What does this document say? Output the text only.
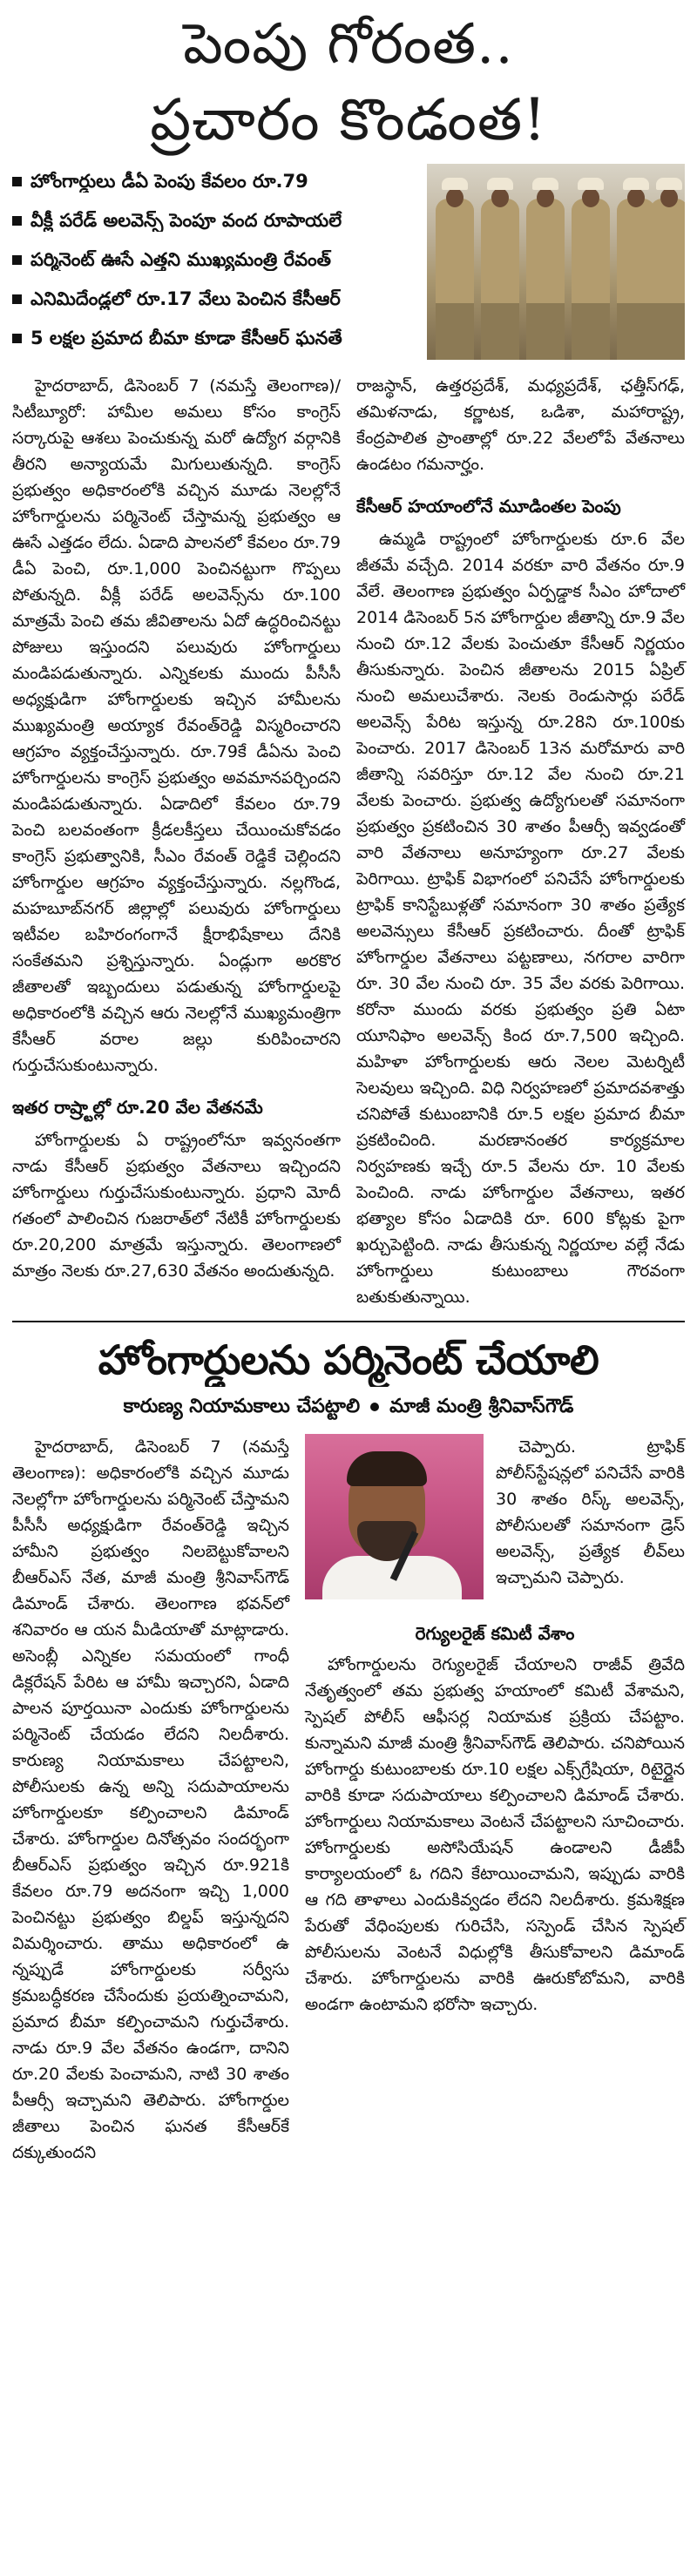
పెంపు గోరంత..
ప్రచారం కొండంత!
హోంగార్డులు డీఏ పెంపు కేవలం రూ.79
వీక్లీ పరేడ్ అలవెన్స్ పెంపూ వంద రూపాయలే
పర్మినెంట్ ఊసే ఎత్తని ముఖ్యమంత్రి రేవంత్
ఎనిమిదేండ్లలో రూ.17 వేలు పెంచిన కేసీఆర్
5 లక్షల ప్రమాద బీమా కూడా కేసీఆర్ ఘనతే

హైదరాబాద్, డిసెంబర్ 7 (నమస్తే తెలంగాణ)/సిటీబ్యూరో: హామీల అమలు కోసం కాంగ్రెస్ సర్కారుపై ఆశలు పెంచుకున్న మరో ఉద్యోగ వర్గానికి తీరని అన్యాయమే మిగులుతున్నది. కాంగ్రెస్ ప్రభుత్వం అధికారంలోకి వచ్చిన మూడు నెలల్లోనే హోంగార్డులను పర్మినెంట్ చేస్తామన్న ప్రభుత్వం ఆ ఊసే ఎత్తడం లేదు. ఏడాది పాలనలో కేవలం రూ.79 డీఏ పెంచి, రూ.1,000 పెంచినట్టుగా గొప్పలు పోతున్నది. వీక్లీ పరేడ్ అలవెన్స్‌ను రూ.100 మాత్రమే పెంచి తమ జీవితాలను ఏదో ఉద్ధరించినట్టు పోజులు ఇస్తుందని పలువురు హోంగార్డులు మండిపడుతున్నారు. ఎన్నికలకు ముందు పీసీసీ అధ్యక్షుడిగా హోంగార్డులకు ఇచ్చిన హామీలను ముఖ్యమంత్రి అయ్యాక రేవంత్‌రెడ్డి విస్మరించారని ఆగ్రహం వ్యక్తంచేస్తున్నారు. రూ.79కే డీఏను పెంచి హోంగార్డులను కాంగ్రెస్ ప్రభుత్వం అవమానపర్చిందని మండిపడుతున్నారు. ఏడాదిలో కేవలం రూ.79 పెంచి బలవంతంగా క్రీడలకీస్తలు చేయించుకోవడం కాంగ్రెస్ ప్రభుత్వానికి, సీఎం రేవంత్ రెడ్డికే చెల్లిందని హోంగార్డుల ఆగ్రహం వ్యక్తంచేస్తున్నారు. నల్లగొండ, మహబూబ్‌నగర్ జిల్లాల్లో పలువురు హోంగార్డులు ఇటీవల బహిరంగంగానే క్షీరాభిషేకాలు దేనికి సంకేతమని ప్రశ్నిస్తున్నారు. ఏండ్లుగా అరకొర జీతాలతో ఇబ్బందులు పడుతున్న హోంగార్డులపై అధికారంలోకి వచ్చిన ఆరు నెలల్లోనే ముఖ్యమంత్రిగా కేసీఆర్ వరాల జల్లు కురిపించారని గుర్తుచేసుకుంటున్నారు.

ఇతర రాష్ర్టాల్లో రూ.20 వేల వేతనమే

హోంగార్డులకు ఏ రాష్ట్రంలోనూ ఇవ్వనంతగా నాడు కేసీఆర్ ప్రభుత్వం వేతనాలు ఇచ్చిందని హోంగార్డులు గుర్తుచేసుకుంటున్నారు. ప్రధాని మోదీ గతంలో పాలించిన గుజరాత్‌లో నేటికీ హోంగార్డులకు రూ.20,200 మాత్రమే ఇస్తున్నారు. తెలంగాణలో మాత్రం నెలకు రూ.27,630 వేతనం అందుతున్నది.

రాజస్థాన్, ఉత్తరప్రదేశ్, మధ్యప్రదేశ్, ఛత్తీస్‌గఢ్, తమిళనాడు, కర్ణాటక, ఒడిశా, మహారాష్ట్ర, కేంద్రపాలిత ప్రాంతాల్లో రూ.22 వేలలోపే వేతనాలు ఉండటం గమనార్హం.

కేసీఆర్ హయాంలోనే మూడింతల పెంపు

ఉమ్మడి రాష్ట్రంలో హోంగార్డులకు రూ.6 వేల జీతమే వచ్చేది. 2014 వరకూ వారి వేతనం రూ.9 వేలే. తెలంగాణ ప్రభుత్వం ఏర్పడ్డాక సీఎం హోదాలో 2014 డిసెంబర్ 5న హోంగార్డుల జీతాన్ని రూ.9 వేల నుంచి రూ.12 వేలకు పెంచుతూ కేసీఆర్ నిర్ణయం తీసుకున్నారు. పెంచిన జీతాలను 2015 ఏప్రిల్ నుంచి అమలుచేశారు. నెలకు రెండుసార్లు పరేడ్ అలవెన్స్ పేరిట ఇస్తున్న రూ.28ని రూ.100కు పెంచారు. 2017 డిసెంబర్ 13న మరోమారు వారి జీతాన్ని సవరిస్తూ రూ.12 వేల నుంచి రూ.21 వేలకు పెంచారు. ప్రభుత్వ ఉద్యోగులతో సమానంగా ప్రభుత్వం ప్రకటించిన 30 శాతం పీఆర్సీ ఇవ్వడంతో వారి వేతనాలు అనూహ్యంగా రూ.27 వేలకు పెరిగాయి. ట్రాఫిక్ విభాగంలో పనిచేసే హోంగార్డులకు ట్రాఫిక్ కానిస్టేబుళ్లతో సమానంగా 30 శాతం ప్రత్యేక అలవెన్సులు కేసీఆర్ ప్రకటించారు. దీంతో ట్రాఫిక్ హోంగార్డుల వేతనాలు పట్టణాలు, నగరాల వారిగా రూ. 30 వేల నుంచి రూ. 35 వేల వరకు పెరిగాయి. కరోనా ముందు వరకు ప్రభుత్వం ప్రతి ఏటా యూనిఫాం అలవెన్స్ కింద రూ.7,500 ఇచ్చింది. మహిళా హోంగార్డులకు ఆరు నెలల మెటర్నిటీ సెలవులు ఇచ్చింది. విధి నిర్వహణలో ప్రమాదవశాత్తు చనిపోతే కుటుంబానికి రూ.5 లక్షల ప్రమాద బీమా ప్రకటించింది. మరణానంతర కార్యక్రమాల నిర్వహణకు ఇచ్చే రూ.5 వేలను రూ. 10 వేలకు పెంచింది. నాడు హోంగార్డుల వేతనాలు, ఇతర భత్యాల కోసం ఏడాదికి రూ. 600 కోట్లకు పైగా ఖర్చుపెట్టింది. నాడు తీసుకున్న నిర్ణయాల వల్లే నేడు హోంగార్డులు కుటుంబాలు గౌరవంగా బతుకుతున్నాయి.

హోంగార్డులను పర్మినెంట్ చేయాలి
కారుణ్య నియామకాలు చేపట్టాలి మాజీ మంత్రి శ్రీనివాస్‌గౌడ్

హైదరాబాద్, డిసెంబర్ 7 (నమస్తే తెలంగాణ): అధికారంలోకి వచ్చిన మూడు నెలల్లోగా హోంగార్డులను పర్మినెంట్ చేస్తామని పీసీసీ అధ్యక్షుడిగా రేవంత్‌రెడ్డి ఇచ్చిన హామీని ప్రభుత్వం నిలబెట్టుకోవాలని బీఆర్‌ఎస్ నేత, మాజీ మంత్రి శ్రీనివాస్‌గౌడ్ డిమాండ్ చేశారు. తెలంగాణ భవన్‌లో శనివారం ఆ యన మీడియాతో మాట్లాడారు. అసెంబ్లీ ఎన్నికల సమయంలో గాంధీ డిక్లరేషన్ పేరిట ఆ హామీ ఇచ్చారని, ఏడాది పాలన పూర్తయినా ఎందుకు హోంగార్డులను పర్మినెంట్ చేయడం లేదని నిలదీశారు. కారుణ్య నియామకాలు చేపట్టాలని, పోలీసులకు ఉన్న అన్ని సదుపాయాలను హోంగార్డులకూ కల్పించాలని డిమాండ్ చేశారు. హోంగార్డుల దినోత్సవం సందర్భంగా బీఆర్‌ఎస్ ప్రభుత్వం ఇచ్చిన రూ.921కి కేవలం రూ.79 అదనంగా ఇచ్చి 1,000 పెంచినట్టు ప్రభుత్వం బిల్డప్ ఇస్తున్నదని విమర్శించారు. తాము అధికారంలో ఉ న్నప్పుడే హోంగార్డులకు సర్వీసు క్రమబద్ధీకరణ చేసేందుకు ప్రయత్నించామని, ప్రమాద బీమా కల్పించామని గుర్తుచేశారు. నాడు రూ.9 వేల వేతనం ఉండగా, దానిని రూ.20 వేలకు పెంచామని, నాటి 30 శాతం పీఆర్సీ ఇచ్చామని తెలిపారు. హోంగార్డుల జీతాలు పెంచిన ఘనత కేసీఆర్‌కే దక్కుతుందని

చెప్పారు. ట్రాఫిక్ పోలీస్‌స్టేషన్లలో పనిచేసే వారికి 30 శాతం రిస్క్ అలవెన్స్, పోలీసులతో సమానంగా డ్రెస్ అలవెన్స్, ప్రత్యేక లీవ్‌లు ఇచ్చామని చెప్పారు.

రెగ్యులరైజ్ కమిటీ వేశాం

హోంగార్డులను రెగ్యులరైజ్ చేయాలని రాజీవ్ త్రివేది నేతృత్వంలో తమ ప్రభుత్వ హయాంలో కమిటీ వేశామని, స్పెషల్ పోలీస్ ఆఫీసర్ల నియామక ప్రక్రియ చేపట్టాం. కున్నామని మాజీ మంత్రి శ్రీనివాస్‌గౌడ్ తెలిపారు. చనిపోయిన హోంగార్డు కుటుంబాలకు రూ.10 లక్షల ఎక్స్‌గ్రేషియా, రిటైర్డైన వారికి కూడా సదుపాయాలు కల్పించాలని డిమాండ్ చేశారు. హోంగార్డులు నియామకాలు వెంటనే చేపట్టాలని సూచించారు. హోంగార్డులకు అసోసియేషన్ ఉండాలని డీజీపీ కార్యాలయంలో ఓ గదిని కేటాయించామని, ఇప్పుడు వారికి ఆ గది తాళాలు ఎందుకివ్వడం లేదని నిలదీశారు. క్రమశిక్షణ పేరుతో వేధింపులకు గురిచేసి, సస్పెండ్ చేసిన స్పెషల్ పోలీసులను వెంటనే విధుల్లోకి తీసుకోవాలని డిమాండ్ చేశారు. హోంగార్డులను వారికి ఊరుకోబోమని, వారికి అండగా ఉంటామని భరోసా ఇచ్చారు.
